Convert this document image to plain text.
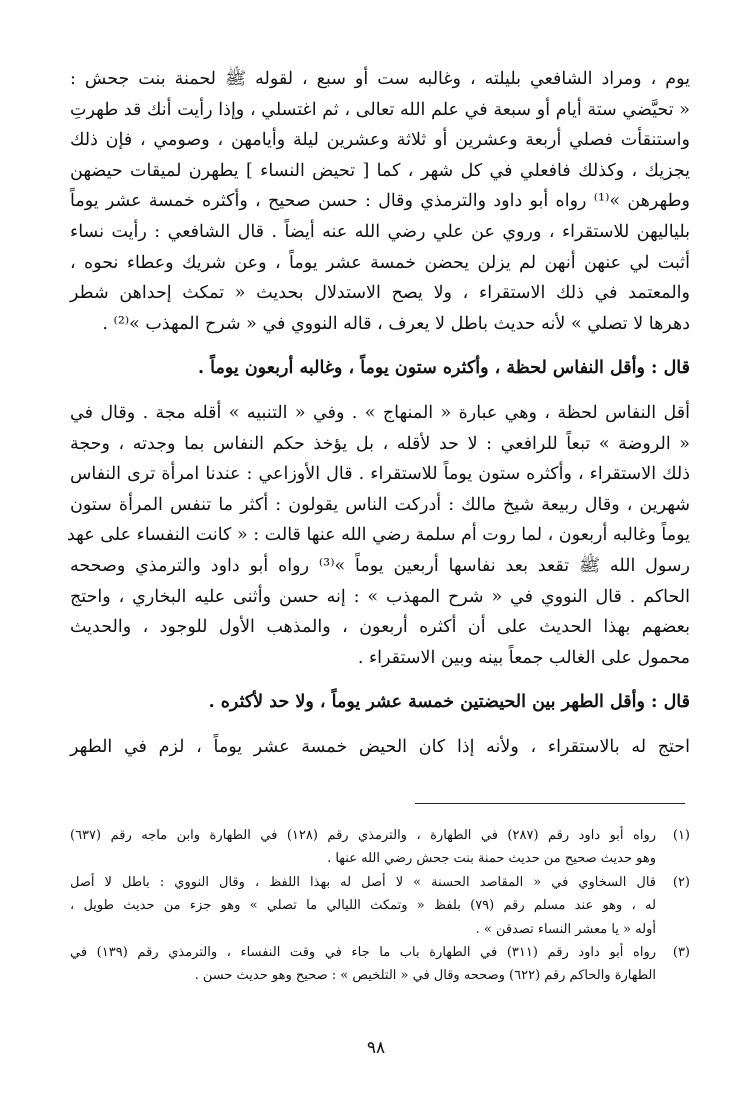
يوم ، ومراد الشافعي بليلته ، وغالبه ست أو سبع ، لقوله ﷺ لحمنة بنت جحش :
« تحيَّضي ستة أيام أو سبعة في علم الله تعالى ، ثم اغتسلي ، وإذا رأيت أنك قد طهرتِ
واستنقأت فصلي أربعة وعشرين أو ثلاثة وعشرين ليلة وأيامهن ، وصومي ، فإن ذلك
يجزيك ، وكذلك فافعلي في كل شهر ، كما [ تحيض النساء ] يطهرن لميقات حيضهن
وطهرهن »⁽¹⁾ رواه أبو داود والترمذي وقال : حسن صحيح ، وأكثره خمسة عشر يوماً
بلياليهن للاستقراء ، وروي عن علي رضي الله عنه أيضاً . قال الشافعي : رأيت نساء
أثبت لي عنهن أنهن لم يزلن يحضن خمسة عشر يوماً ، وعن شريك وعطاء نحوه ،
والمعتمد في ذلك الاستقراء ، ولا يصح الاستدلال بحديث « تمكث إحداهن شطر
دهرها لا تصلي » لأنه حديث باطل لا يعرف ، قاله النووي في « شرح المهذب »⁽²⁾ .
قال : وأقل النفاس لحظة ، وأكثره ستون يوماً ، وغالبه أربعون يوماً .
أقل النفاس لحظة ، وهي عبارة « المنهاج » . وفي « التنبيه » أقله مجة . وقال في
« الروضة » تبعاً للرافعي : لا حد لأقله ، بل يؤخذ حكم النفاس بما وجدته ، وحجة
ذلك الاستقراء ، وأكثره ستون يوماً للاستقراء . قال الأوزاعي : عندنا امرأة ترى النفاس
شهرين ، وقال ربيعة شيخ مالك : أدركت الناس يقولون : أكثر ما تنفس المرأة ستون
يوماً وغالبه أربعون ، لما روت أم سلمة رضي الله عنها قالت : « كانت النفساء على عهد
رسول الله ﷺ تقعد بعد نفاسها أربعين يوماً »⁽³⁾ رواه أبو داود والترمذي وصححه
الحاكم . قال النووي في « شرح المهذب » : إنه حسن وأثنى عليه البخاري ، واحتج
بعضهم بهذا الحديث على أن أكثره أربعون ، والمذهب الأول للوجود ، والحديث
محمول على الغالب جمعاً بينه وبين الاستقراء .
قال : وأقل الطهر بين الحيضتين خمسة عشر يوماً ، ولا حد لأكثره .
احتج له بالاستقراء ، ولأنه إذا كان الحيض خمسة عشر يوماً ، لزم في الطهر
(١)
رواه أبو داود رقم (٢٨٧) في الطهارة ، والترمذي رقم (١٢٨) في الطهارة وابن ماجه رقم (٦٣٧)
وهو حديث صحيح من حديث حمنة بنت جحش رضي الله عنها .
(٢)
قال السخاوي في « المقاصد الحسنة » لا أصل له بهذا اللفظ ، وقال النووي : باطل لا أصل
له ، وهو عند مسلم رقم (٧٩) بلفظ « وتمكث الليالي ما تصلي » وهو جزء من حديث طويل ،
أوله « يا معشر النساء تصدقن » .
(٣)
رواه أبو داود رقم (٣١١) في الطهارة باب ما جاء في وقت النفساء ، والترمذي رقم (١٣٩) في
الطهارة والحاكم رقم (٦٢٢) وصححه وقال في « التلخيص » : صحيح وهو حديث حسن .
٩٨
